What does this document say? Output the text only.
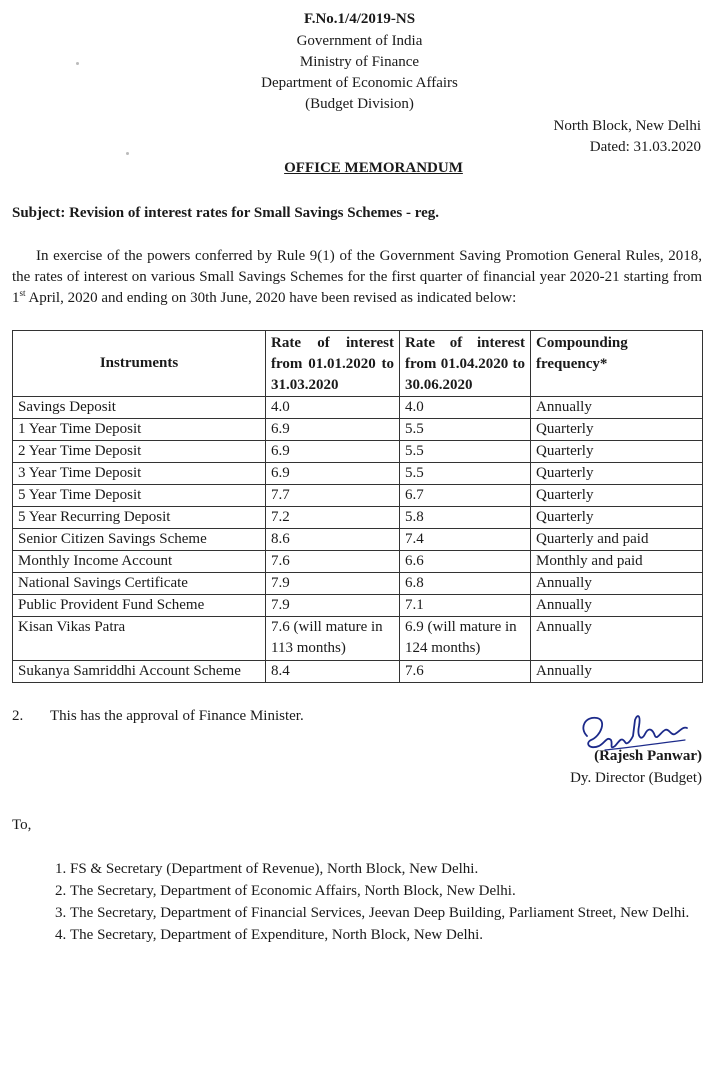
F.No.1/4/2019-NS
Government of India
Ministry of Finance
Department of Economic Affairs
(Budget Division)
North Block, New Delhi
Dated: 31.03.2020
OFFICE MEMORANDUM
Subject: Revision of interest rates for Small Savings Schemes - reg.
In exercise of the powers conferred by Rule 9(1) of the Government Saving Promotion General Rules, 2018, the rates of interest on various Small Savings Schemes for the first quarter of financial year 2020-21 starting from 1st April, 2020 and ending on 30th June, 2020 have been revised as indicated below:
Instruments	Rate of interest from 01.01.2020 to 31.03.2020	Rate of interest from 01.04.2020 to 30.06.2020	Compounding frequency*
Savings Deposit	4.0	4.0	Annually
1 Year Time Deposit	6.9	5.5	Quarterly
2 Year Time Deposit	6.9	5.5	Quarterly
3 Year Time Deposit	6.9	5.5	Quarterly
5 Year Time Deposit	7.7	6.7	Quarterly
5 Year Recurring Deposit	7.2	5.8	Quarterly
Senior Citizen Savings Scheme	8.6	7.4	Quarterly and paid
Monthly Income Account	7.6	6.6	Monthly and paid
National Savings Certificate	7.9	6.8	Annually
Public Provident Fund Scheme	7.9	7.1	Annually
Kisan Vikas Patra	7.6 (will mature in 113 months)	6.9 (will mature in 124 months)	Annually
Sukanya Samriddhi Account Scheme	8.4	7.6	Annually
2. This has the approval of Finance Minister.
(Rajesh Panwar)
Dy. Director (Budget)
To,
1. FS & Secretary (Department of Revenue), North Block, New Delhi.
2. The Secretary, Department of Economic Affairs, North Block, New Delhi.
3. The Secretary, Department of Financial Services, Jeevan Deep Building, Parliament Street, New Delhi.
4. The Secretary, Department of Expenditure, North Block, New Delhi.
